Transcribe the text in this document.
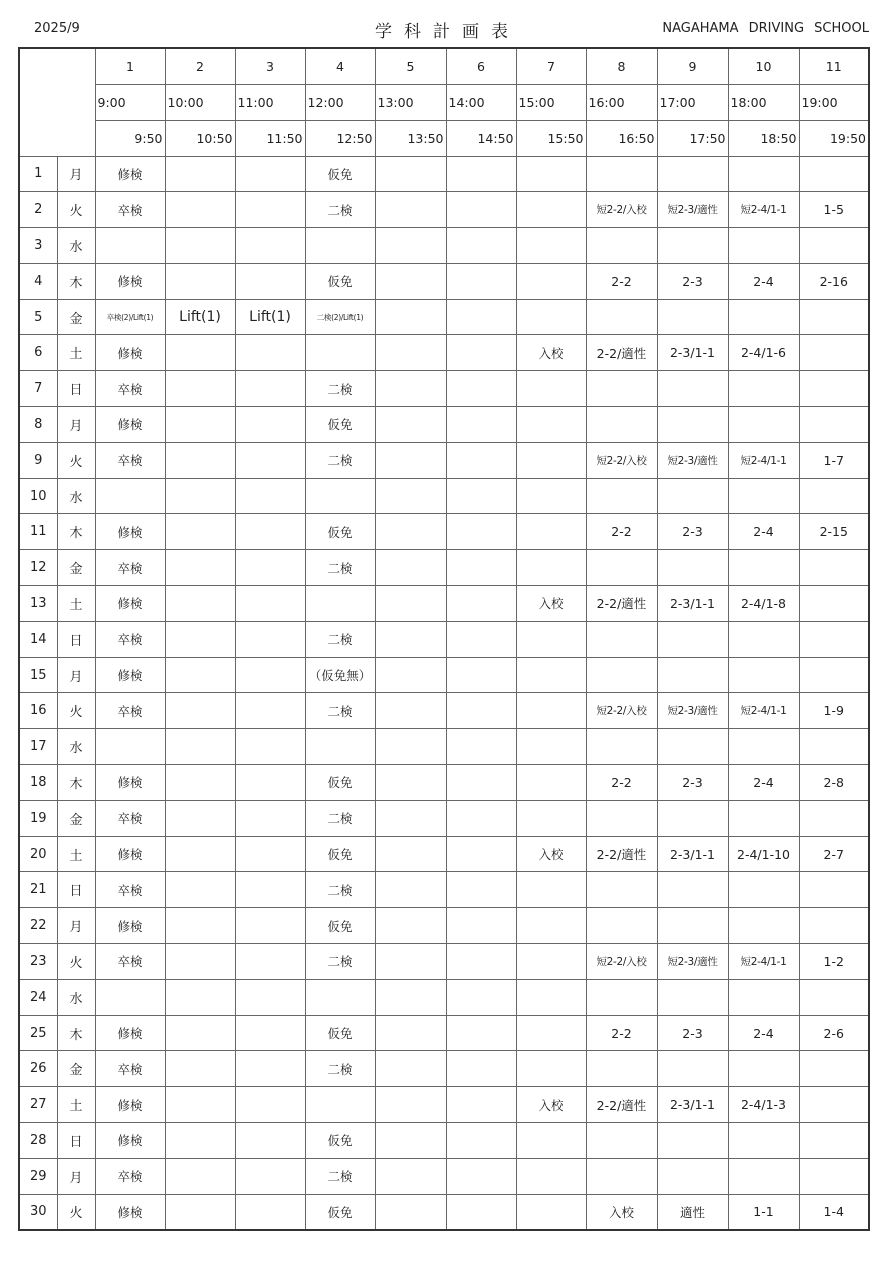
2025/9	学科計画表	NAGAHAMA DRIVING SCHOOL
		1	2	3	4	5	6	7	8	9	10	11
		9:00	10:00	11:00	12:00	13:00	14:00	15:00	16:00	17:00	18:00	19:00
		9:50	10:50	11:50	12:50	13:50	14:50	15:50	16:50	17:50	18:50	19:50
1	月	修検			仮免							
2	火	卒検			二検				短2-2/入校	短2-3/適性	短2-4/1-1	1-5
3	水											
4	木	修検			仮免				2-2	2-3	2-4	2-16
5	金	卒検(2)/Lift(1)	Lift(1)	Lift(1)	二検(2)/Lift(1)							
6	土	修検						入校	2-2/適性	2-3/1-1	2-4/1-6	
7	日	卒検			二検							
8	月	修検			仮免							
9	火	卒検			二検				短2-2/入校	短2-3/適性	短2-4/1-1	1-7
10	水											
11	木	修検			仮免				2-2	2-3	2-4	2-15
12	金	卒検			二検							
13	土	修検						入校	2-2/適性	2-3/1-1	2-4/1-8	
14	日	卒検			二検							
15	月	修検			（仮免無）							
16	火	卒検			二検				短2-2/入校	短2-3/適性	短2-4/1-1	1-9
17	水											
18	木	修検			仮免				2-2	2-3	2-4	2-8
19	金	卒検			二検							
20	土	修検			仮免			入校	2-2/適性	2-3/1-1	2-4/1-10	2-7
21	日	卒検			二検							
22	月	修検			仮免							
23	火	卒検			二検				短2-2/入校	短2-3/適性	短2-4/1-1	1-2
24	水											
25	木	修検			仮免				2-2	2-3	2-4	2-6
26	金	卒検			二検							
27	土	修検						入校	2-2/適性	2-3/1-1	2-4/1-3	
28	日	修検			仮免							
29	月	卒検			二検							
30	火	修検			仮免				入校	適性	1-1	1-4
